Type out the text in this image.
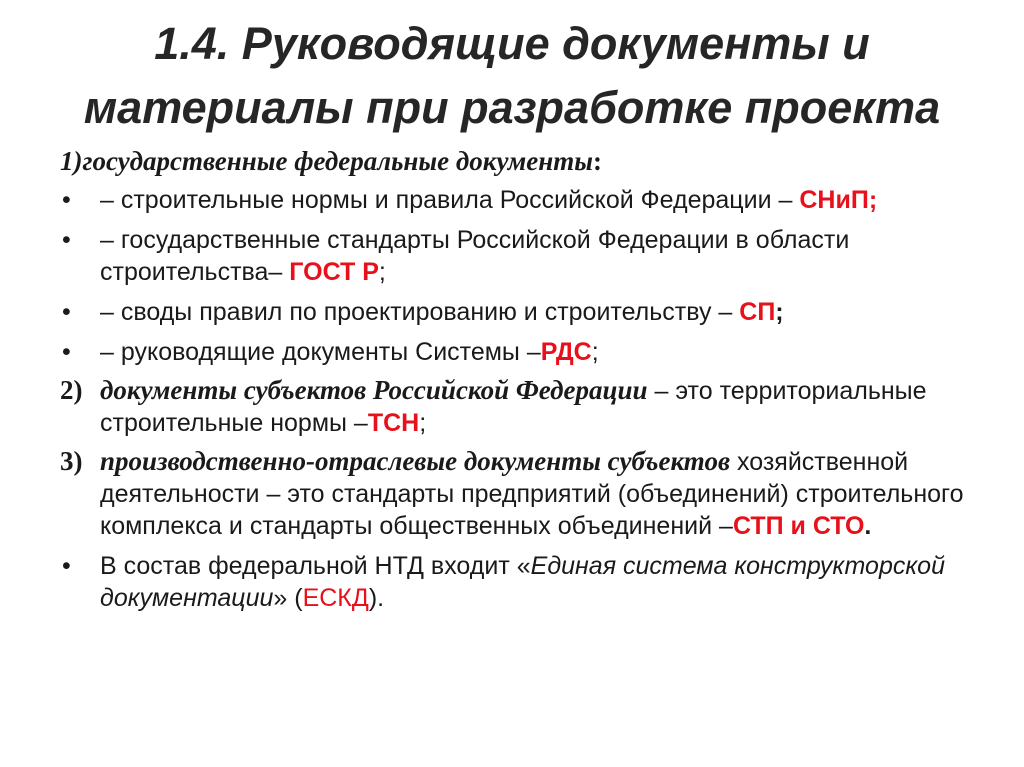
1.4. Руководящие документы и
материалы при разработке проекта
1)государственные федеральные документы:
• – строительные нормы и правила Российской Федерации – СНиП;
• – государственные стандарты Российской Федерации в области строительства– ГОСТ Р;
• – своды правил по проектированию и строительству – СП;
• – руководящие документы Системы –РДС;
2) документы субъектов Российской Федерации – это территориальные строительные нормы –ТСН;
3) производственно-отраслевые документы субъектов хозяйственной деятельности – это стандарты предприятий (объединений) строительного комплекса и стандарты общественных объединений –СТП и СТО.
• В состав федеральной НТД входит «Единая система конструкторской документации» (ЕСКД).
